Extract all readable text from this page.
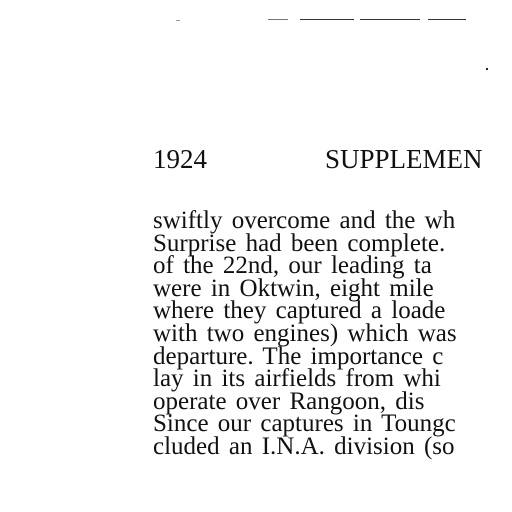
1924	SUPPLEMEN
swiftly overcome and the wh
Surprise had been complete.
of the 22nd, our leading ta
were in Oktwin, eight mile
where they captured a loade
with two engines) which was
departure. The importance c
lay in its airfields from whi
operate over Rangoon, dis
Since our captures in Toungc
cluded an I.N.A. division (so
